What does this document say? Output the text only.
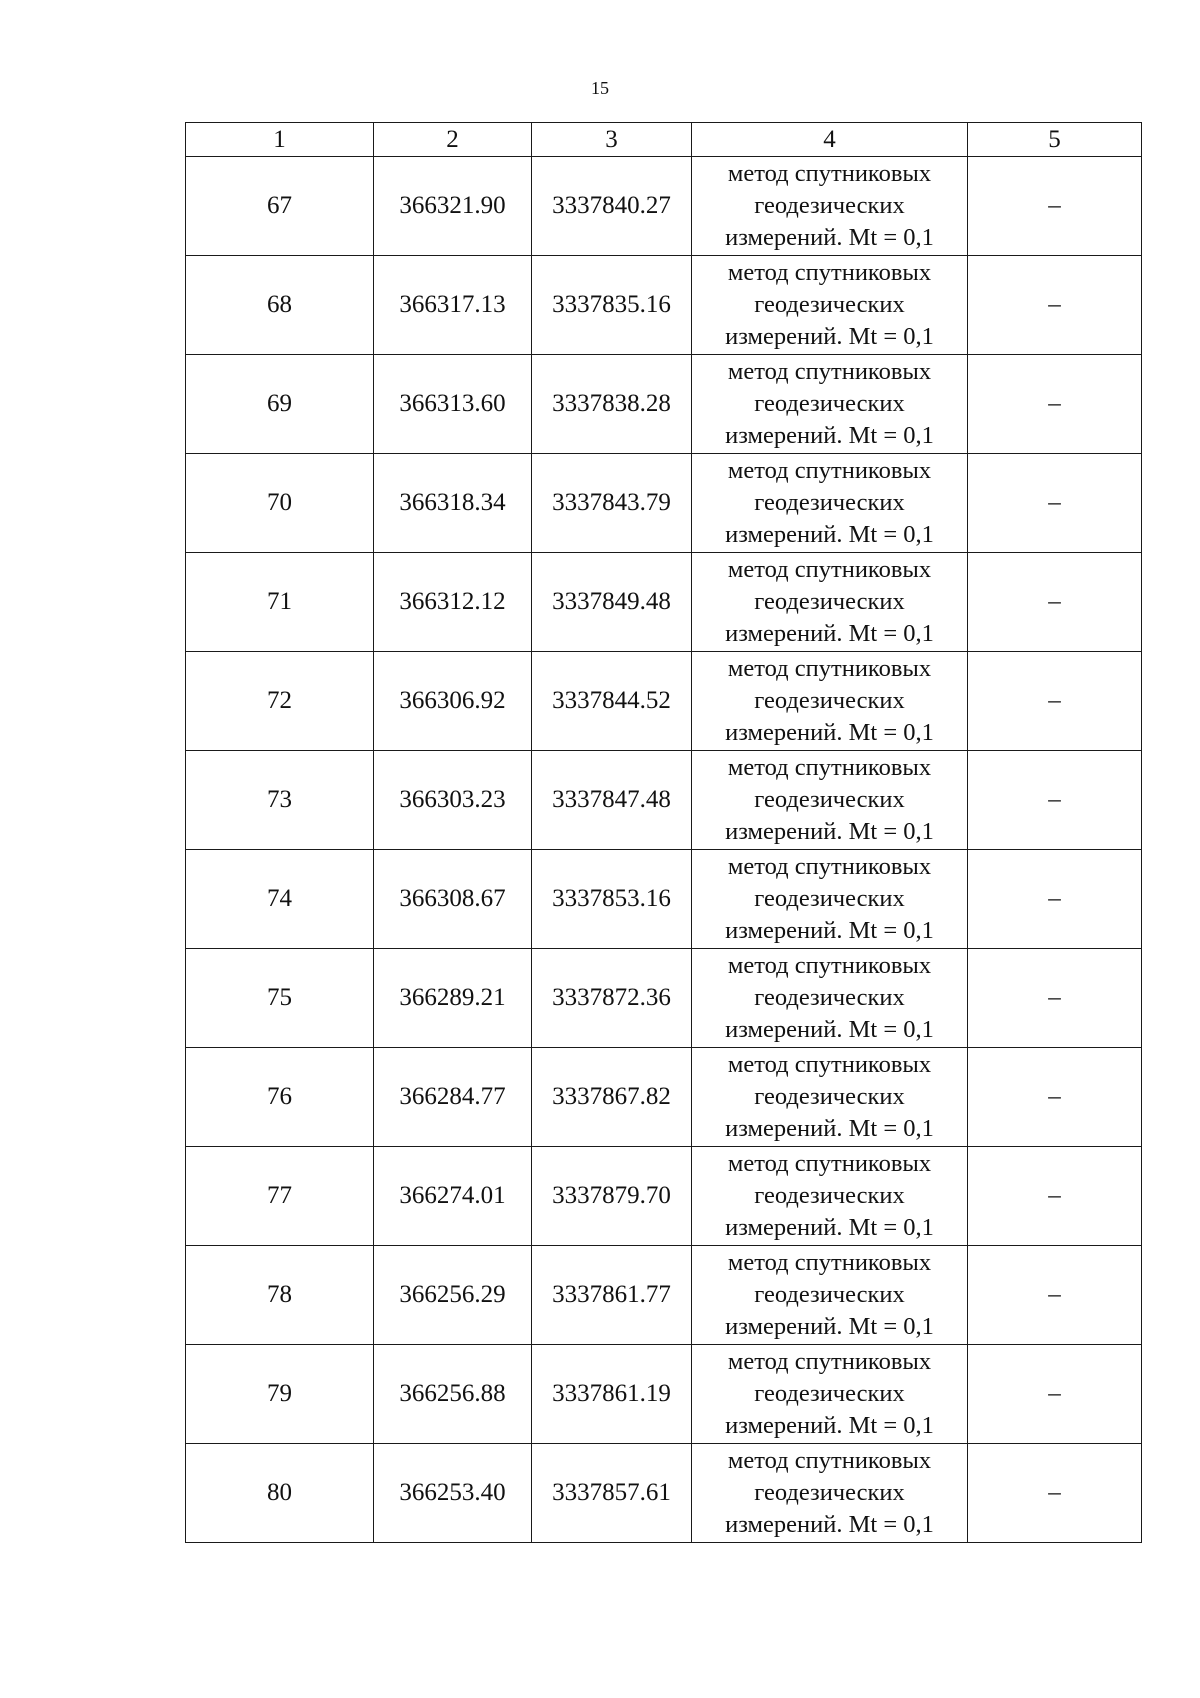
15
1	2	3	4	5
67	366321.90	3337840.27	метод спутниковых
геодезических
измерений. Mt = 0,1	–
68	366317.13	3337835.16	метод спутниковых
геодезических
измерений. Mt = 0,1	–
69	366313.60	3337838.28	метод спутниковых
геодезических
измерений. Mt = 0,1	–
70	366318.34	3337843.79	метод спутниковых
геодезических
измерений. Mt = 0,1	–
71	366312.12	3337849.48	метод спутниковых
геодезических
измерений. Mt = 0,1	–
72	366306.92	3337844.52	метод спутниковых
геодезических
измерений. Mt = 0,1	–
73	366303.23	3337847.48	метод спутниковых
геодезических
измерений. Mt = 0,1	–
74	366308.67	3337853.16	метод спутниковых
геодезических
измерений. Mt = 0,1	–
75	366289.21	3337872.36	метод спутниковых
геодезических
измерений. Mt = 0,1	–
76	366284.77	3337867.82	метод спутниковых
геодезических
измерений. Mt = 0,1	–
77	366274.01	3337879.70	метод спутниковых
геодезических
измерений. Mt = 0,1	–
78	366256.29	3337861.77	метод спутниковых
геодезических
измерений. Mt = 0,1	–
79	366256.88	3337861.19	метод спутниковых
геодезических
измерений. Mt = 0,1	–
80	366253.40	3337857.61	метод спутниковых
геодезических
измерений. Mt = 0,1	–
